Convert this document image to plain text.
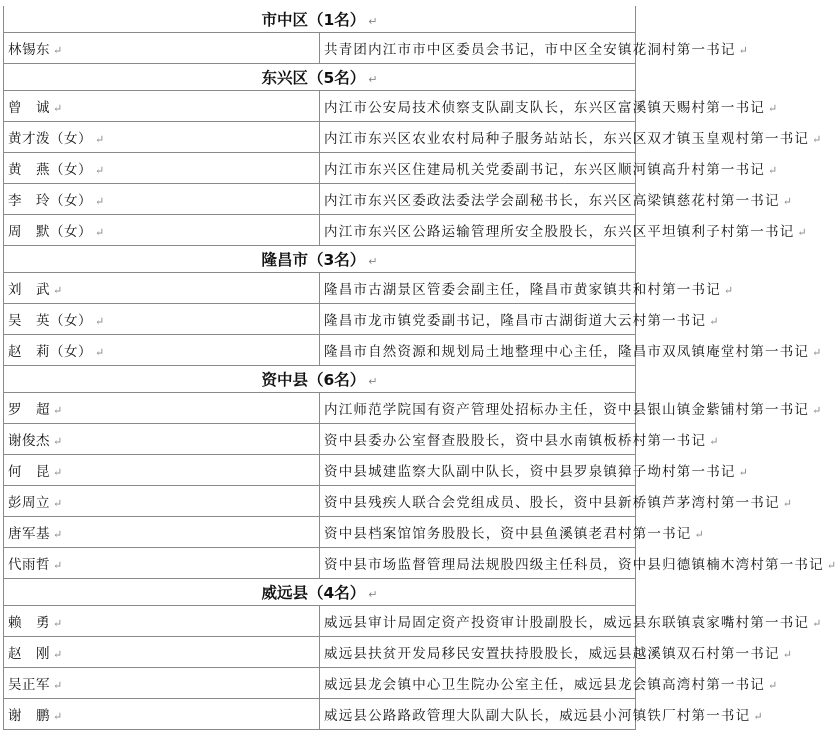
市中区（1名） ↵	
林锡东 ↵	共青团内江市市中区委员会书记，市中区全安镇花洞村第一书记 ↵
东兴区（5名） ↵	
曾　诚 ↵	内江市公安局技术侦察支队副支队长，东兴区富溪镇天赐村第一书记 ↵
黄才泼（女） ↵	内江市东兴区农业农村局种子服务站站长，东兴区双才镇玉皇观村第一书记 ↵
黄　燕（女） ↵	内江市东兴区住建局机关党委副书记，东兴区顺河镇高升村第一书记 ↵
李　玲（女） ↵	内江市东兴区委政法委法学会副秘书长，东兴区高梁镇慈花村第一书记 ↵
周　默（女） ↵	内江市东兴区公路运输管理所安全股股长，东兴区平坦镇利子村第一书记 ↵
隆昌市（3名） ↵	
刘　武 ↵	隆昌市古湖景区管委会副主任，隆昌市黄家镇共和村第一书记 ↵
吴　英（女） ↵	隆昌市龙市镇党委副书记，隆昌市古湖街道大云村第一书记 ↵
赵　莉（女） ↵	隆昌市自然资源和规划局土地整理中心主任，隆昌市双凤镇庵堂村第一书记 ↵
资中县（6名） ↵	
罗　超 ↵	内江师范学院国有资产管理处招标办主任，资中县银山镇金紫铺村第一书记 ↵
谢俊杰 ↵	资中县委办公室督查股股长，资中县水南镇板桥村第一书记 ↵
何　昆 ↵	资中县城建监察大队副中队长，资中县罗泉镇獐子坳村第一书记 ↵
彭周立 ↵	资中县残疾人联合会党组成员、股长，资中县新桥镇芦茅湾村第一书记 ↵
唐军基 ↵	资中县档案馆馆务股股长，资中县鱼溪镇老君村第一书记 ↵
代雨哲 ↵	资中县市场监督管理局法规股四级主任科员，资中县归德镇楠木湾村第一书记 ↵
威远县（4名） ↵	
赖　勇 ↵	威远县审计局固定资产投资审计股副股长，威远县东联镇袁家嘴村第一书记 ↵
赵　刚 ↵	威远县扶贫开发局移民安置扶持股股长，威远县越溪镇双石村第一书记 ↵
吴正军 ↵	威远县龙会镇中心卫生院办公室主任，威远县龙会镇高湾村第一书记 ↵
谢　鹏 ↵	威远县公路路政管理大队副大队长，威远县小河镇铁厂村第一书记 ↵
